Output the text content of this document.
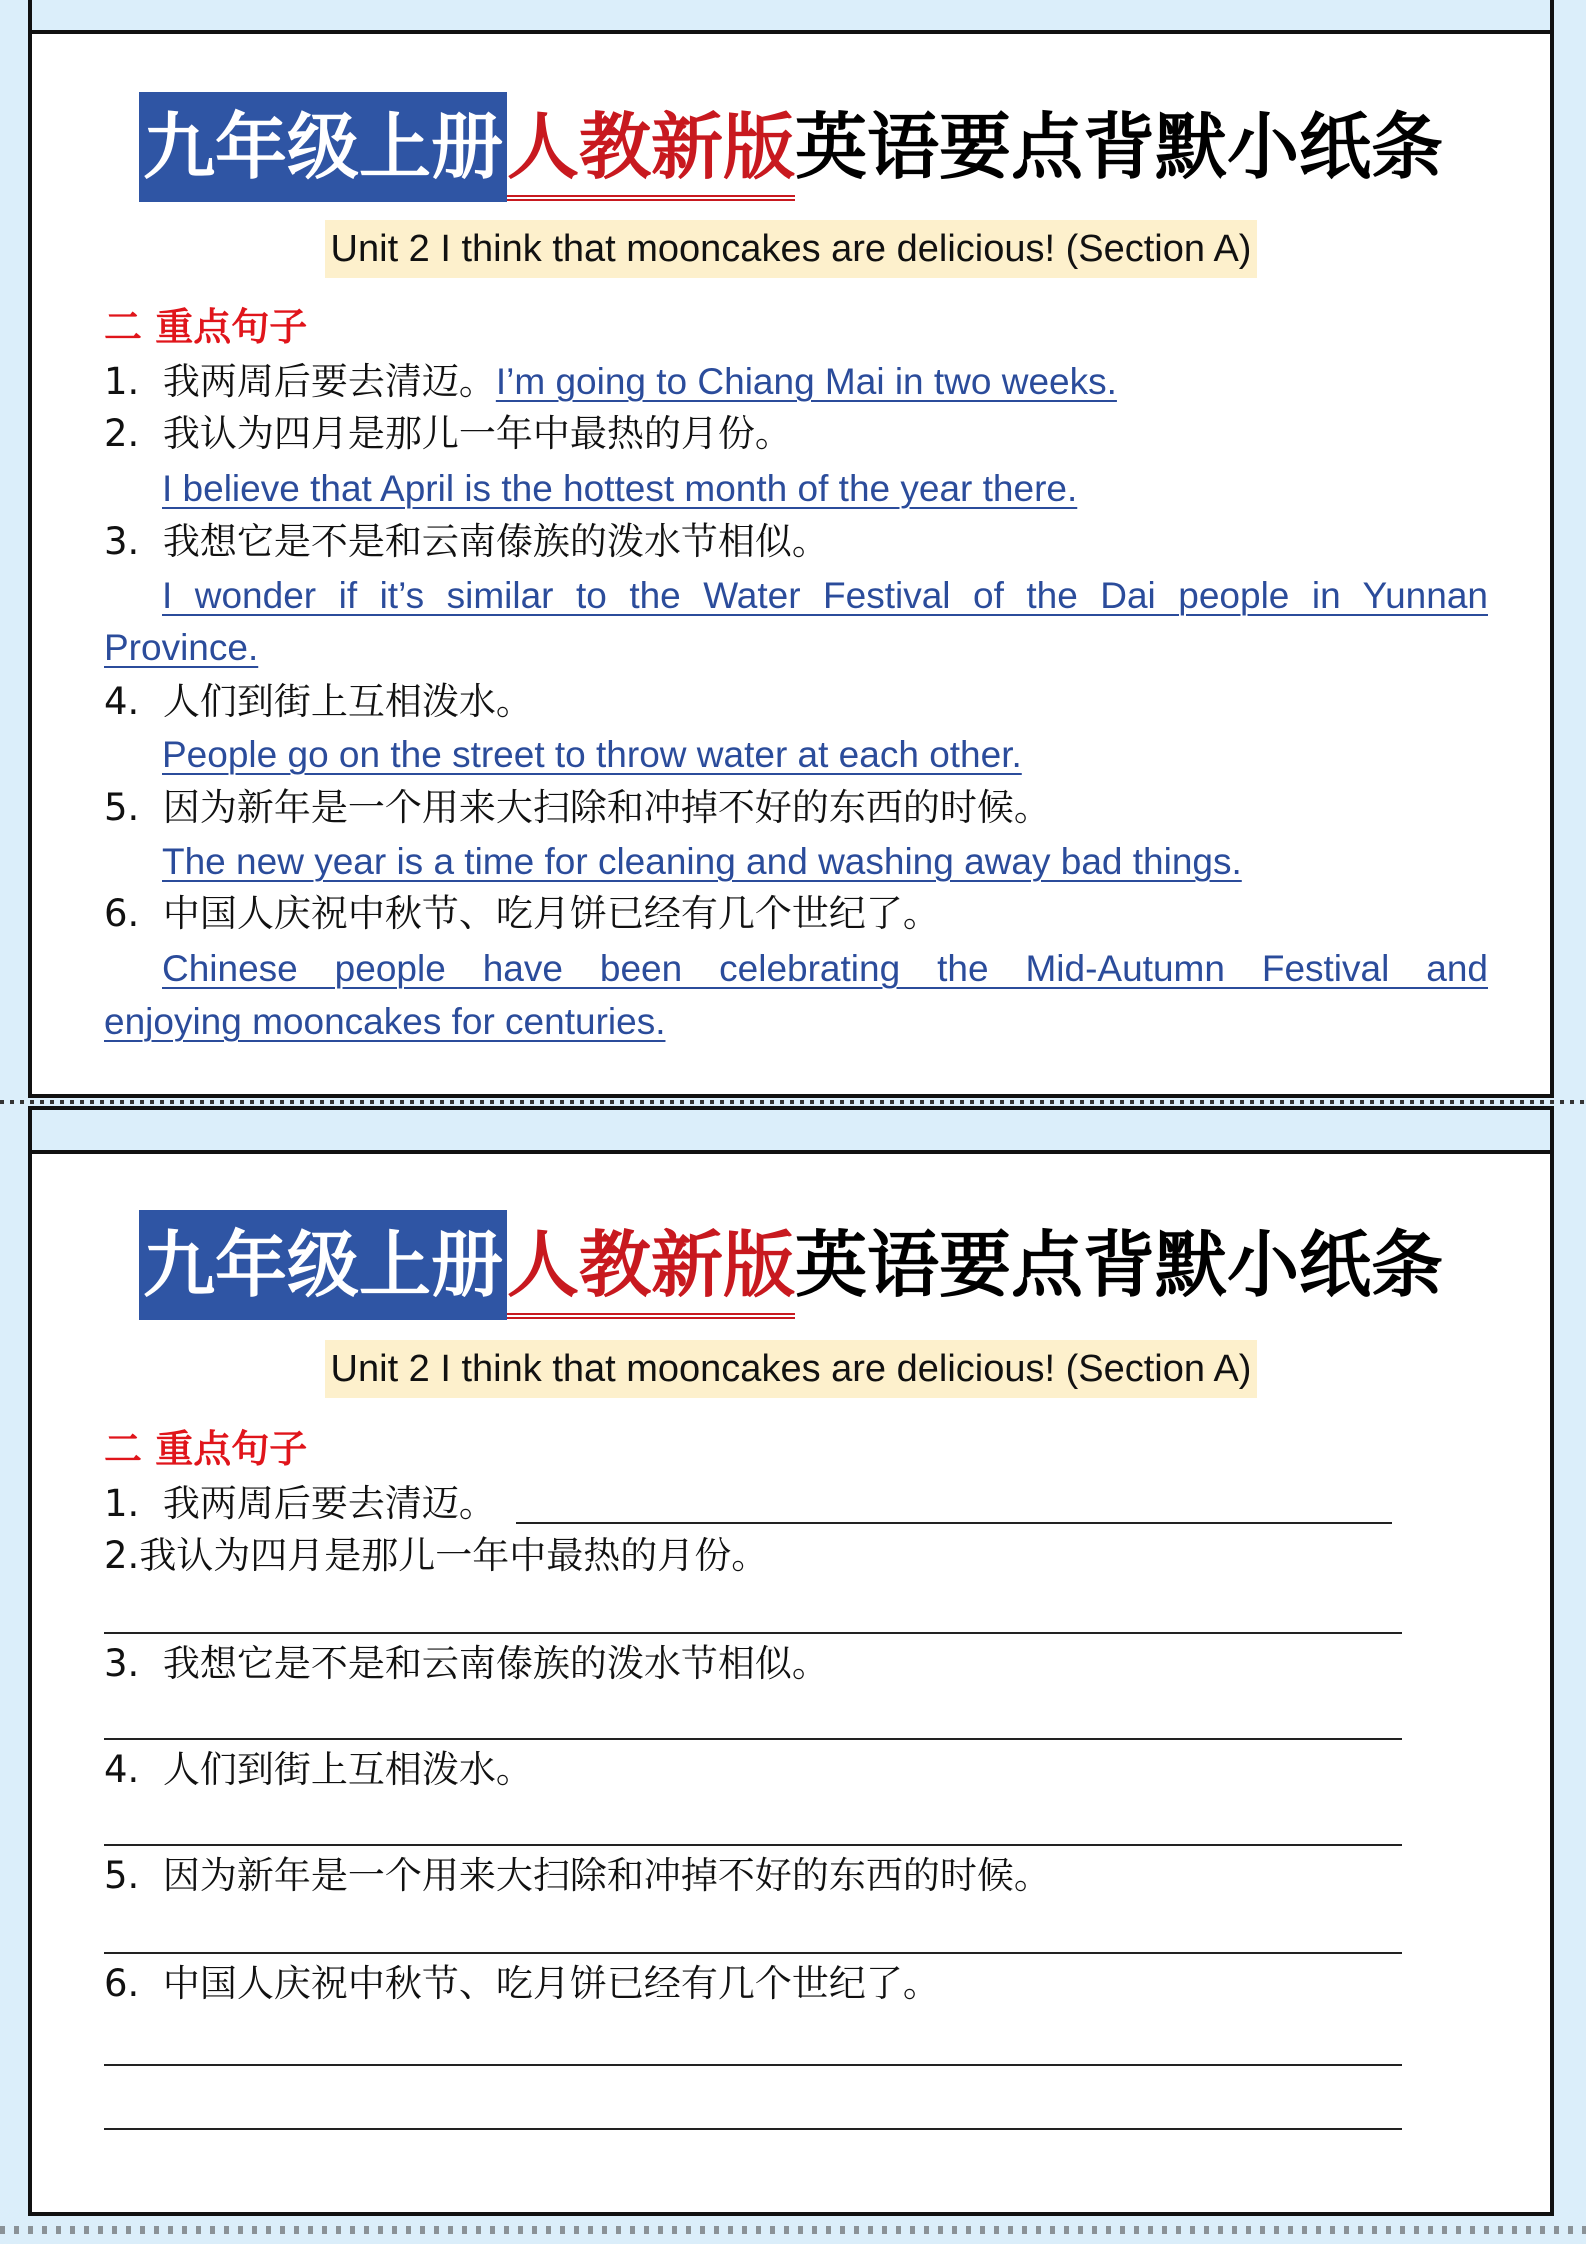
九年级上册人教新版英语要点背默小纸条
Unit 2 I think that mooncakes are delicious! (Section A)
二 重点句子
1. 我两周后要去清迈。I’m going to Chiang Mai in two weeks.
2. 我认为四月是那儿一年中最热的月份。
I believe that April is the hottest month of the year there.
3. 我想它是不是和云南傣族的泼水节相似。
I wonder if it’s similar to the Water Festival of the Dai people in Yunnan
Province.
4. 人们到街上互相泼水。
People go on the street to throw water at each other.
5. 因为新年是一个用来大扫除和冲掉不好的东西的时候。
The new year is a time for cleaning and washing away bad things.
6. 中国人庆祝中秋节、吃月饼已经有几个世纪了。
Chinese people have been celebrating the Mid-Autumn Festival and
enjoying mooncakes for centuries.
九年级上册人教新版英语要点背默小纸条
Unit 2 I think that mooncakes are delicious! (Section A)
二 重点句子
1. 我两周后要去清迈。
2.我认为四月是那儿一年中最热的月份。
3. 我想它是不是和云南傣族的泼水节相似。
4. 人们到街上互相泼水。
5. 因为新年是一个用来大扫除和冲掉不好的东西的时候。
6. 中国人庆祝中秋节、吃月饼已经有几个世纪了。
